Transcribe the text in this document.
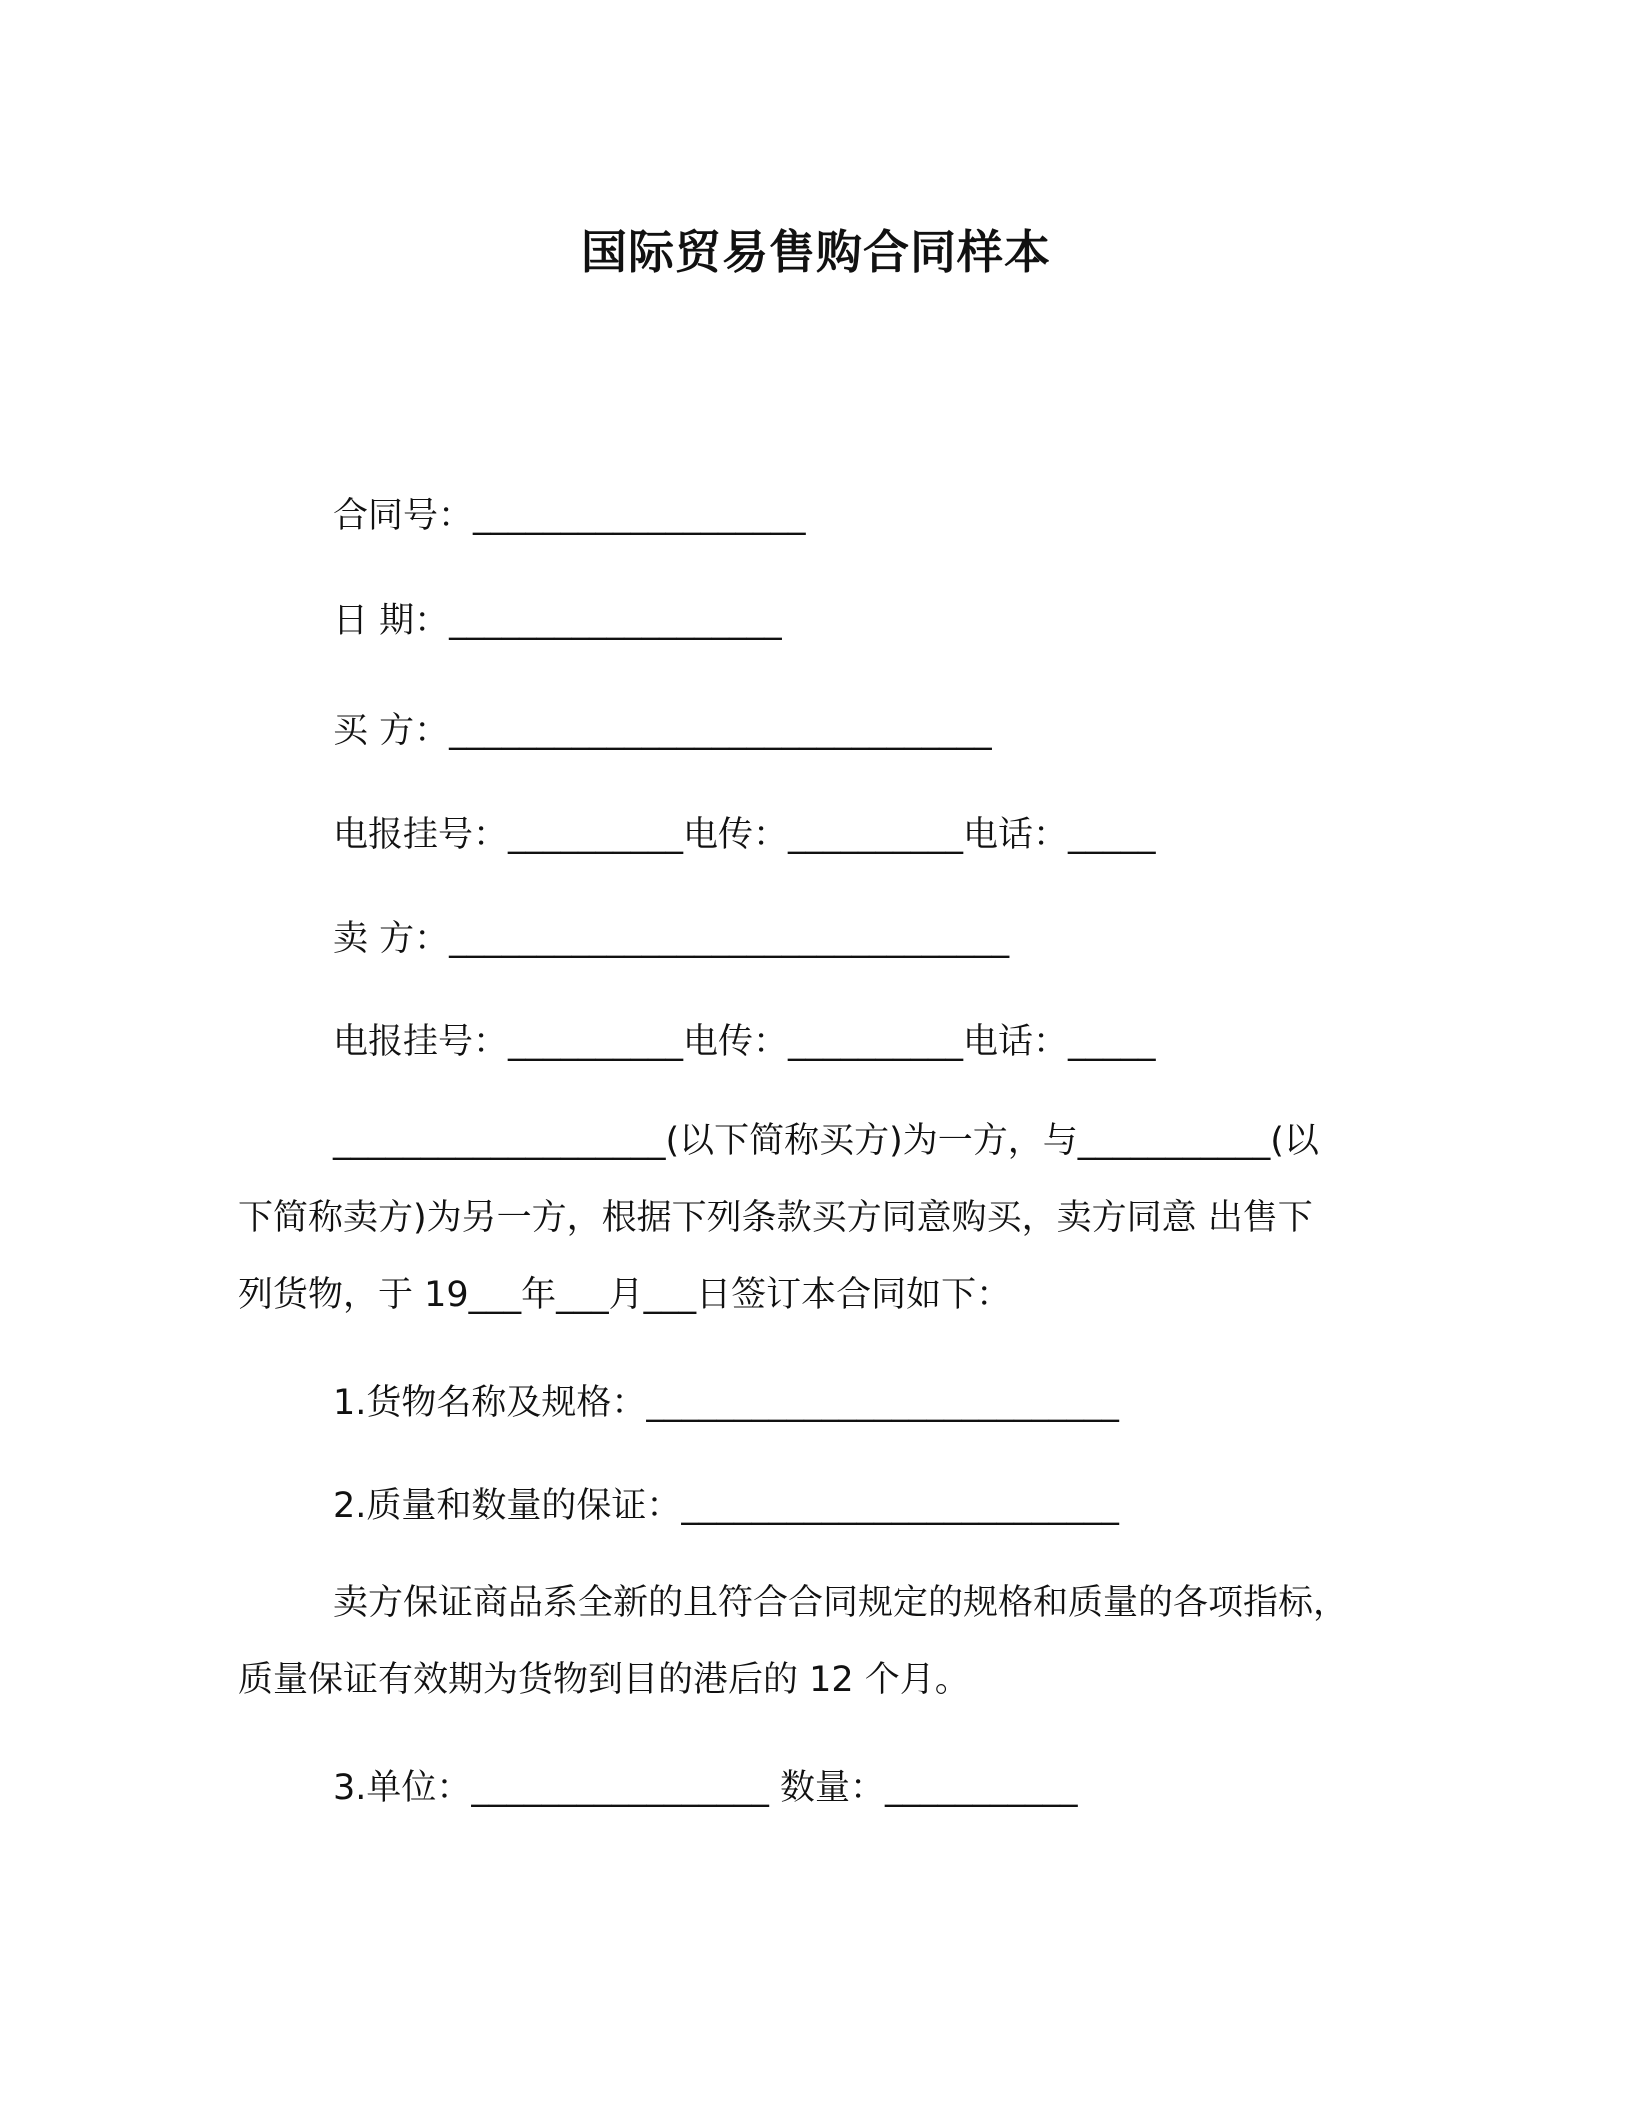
国际贸易售购合同样本
合同号：___________________
日 期：___________________
买 方：_______________________________
电报挂号：__________电传：__________电话：_____
卖 方：________________________________
电报挂号：__________电传：__________电话：_____
___________________(以下简称买方)为一方，与___________(以
下简称卖方)为另一方，根据下列条款买方同意购买，卖方同意 出售下
列货物，于 19___年___月___日签订本合同如下：
1.货物名称及规格：___________________________
2.质量和数量的保证：_________________________
卖方保证商品系全新的且符合合同规定的规格和质量的各项指标，
质量保证有效期为货物到目的港后的 12 个月。
3.单位：_________________ 数量：___________
